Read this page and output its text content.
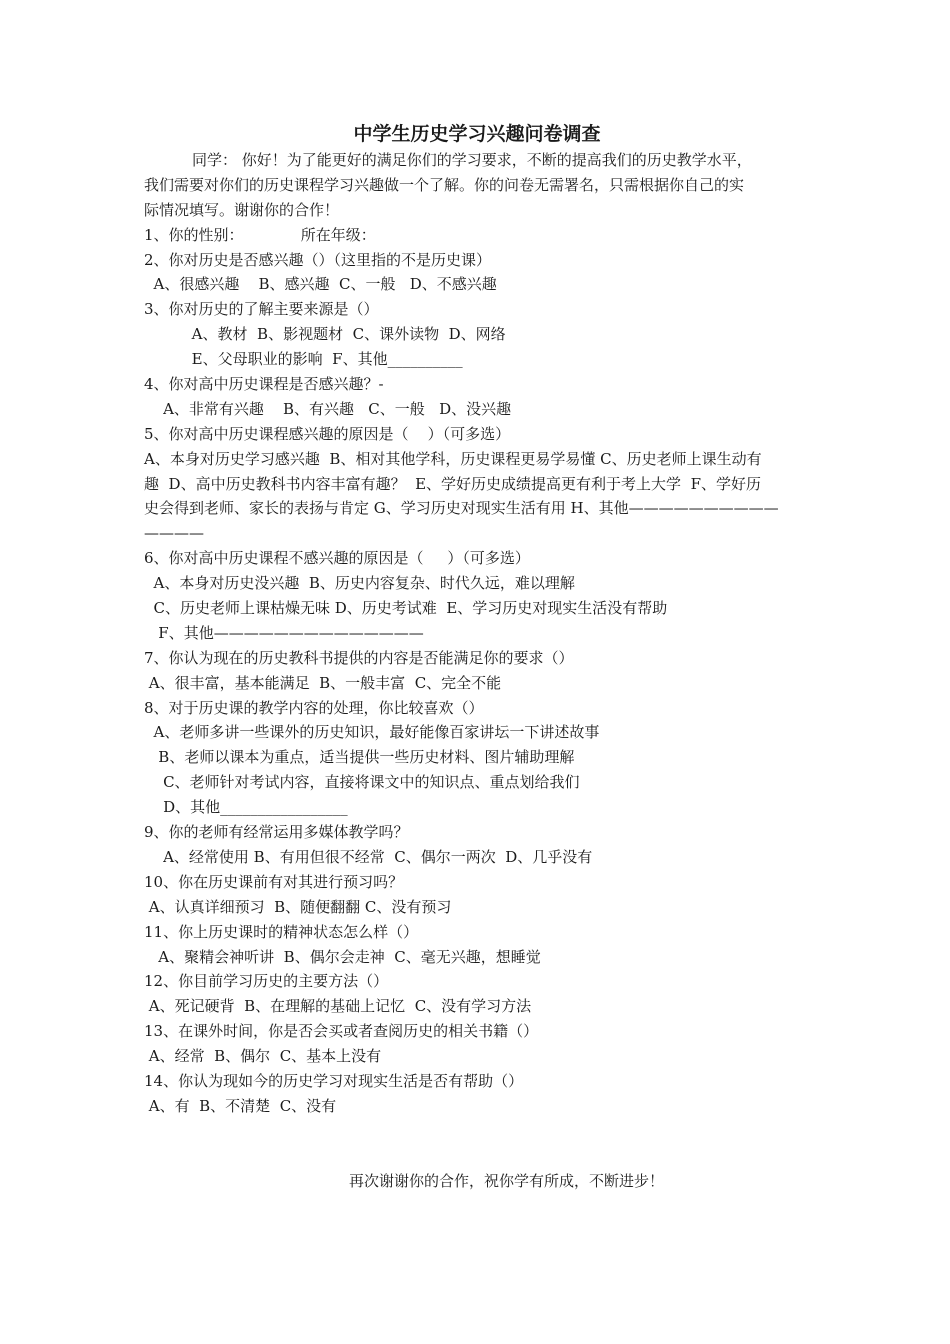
中学生历史学习兴趣问卷调查
同学： 你好！为了能更好的满足你们的学习要求，不断的提高我们的历史教学水平，
我们需要对你们的历史课程学习兴趣做一个了解。你的问卷无需署名，只需根据你自己的实
际情况填写。谢谢你的合作！
1、你的性别：            所在年级：
2、你对历史是否感兴趣（）（这里指的不是历史课）
A、很感兴趣    B、感兴趣  C、一般   D、不感兴趣
3、你对历史的了解主要来源是（）
A、教材  B、影视题材  C、课外读物  D、网络
E、父母职业的影响  F、其他__________
4、你对高中历史课程是否感兴趣？-
A、非常有兴趣    B、有兴趣   C、一般   D、没兴趣
5、你对高中历史课程感兴趣的原因是（    ）（可多选）
A、本身对历史学习感兴趣  B、相对其他学科，历史课程更易学易懂 C、历史老师上课生动有
趣  D、高中历史教科书内容丰富有趣？  E、学好历史成绩提高更有利于考上大学  F、学好历
史会得到老师、家长的表扬与肯定 G、学习历史对现实生活有用 H、其他——————————
————
6、你对高中历史课程不感兴趣的原因是（     ）（可多选）
A、本身对历史没兴趣  B、历史内容复杂、时代久远，难以理解
C、历史老师上课枯燥无味 D、历史考试难  E、学习历史对现实生活没有帮助
F、其他——————————————
7、你认为现在的历史教科书提供的内容是否能满足你的要求（）
A、很丰富，基本能满足  B、一般丰富  C、完全不能
8、对于历史课的教学内容的处理，你比较喜欢（）
A、老师多讲一些课外的历史知识，最好能像百家讲坛一下讲述故事
B、老师以课本为重点，适当提供一些历史材料、图片辅助理解
C、老师针对考试内容，直接将课文中的知识点、重点划给我们
D、其他_________________
9、你的老师有经常运用多媒体教学吗？
A、经常使用 B、有用但很不经常  C、偶尔一两次  D、几乎没有
10、你在历史课前有对其进行预习吗？
A、认真详细预习  B、随便翻翻 C、没有预习
11、你上历史课时的精神状态怎么样（）
A、聚精会神听讲  B、偶尔会走神  C、毫无兴趣，想睡觉
12、你目前学习历史的主要方法（）
A、死记硬背  B、在理解的基础上记忆  C、没有学习方法
13、在课外时间，你是否会买或者查阅历史的相关书籍（）
A、经常  B、偶尔  C、基本上没有
14、你认为现如今的历史学习对现实生活是否有帮助（）
A、有  B、不清楚  C、没有
再次谢谢你的合作，祝你学有所成，不断进步！
